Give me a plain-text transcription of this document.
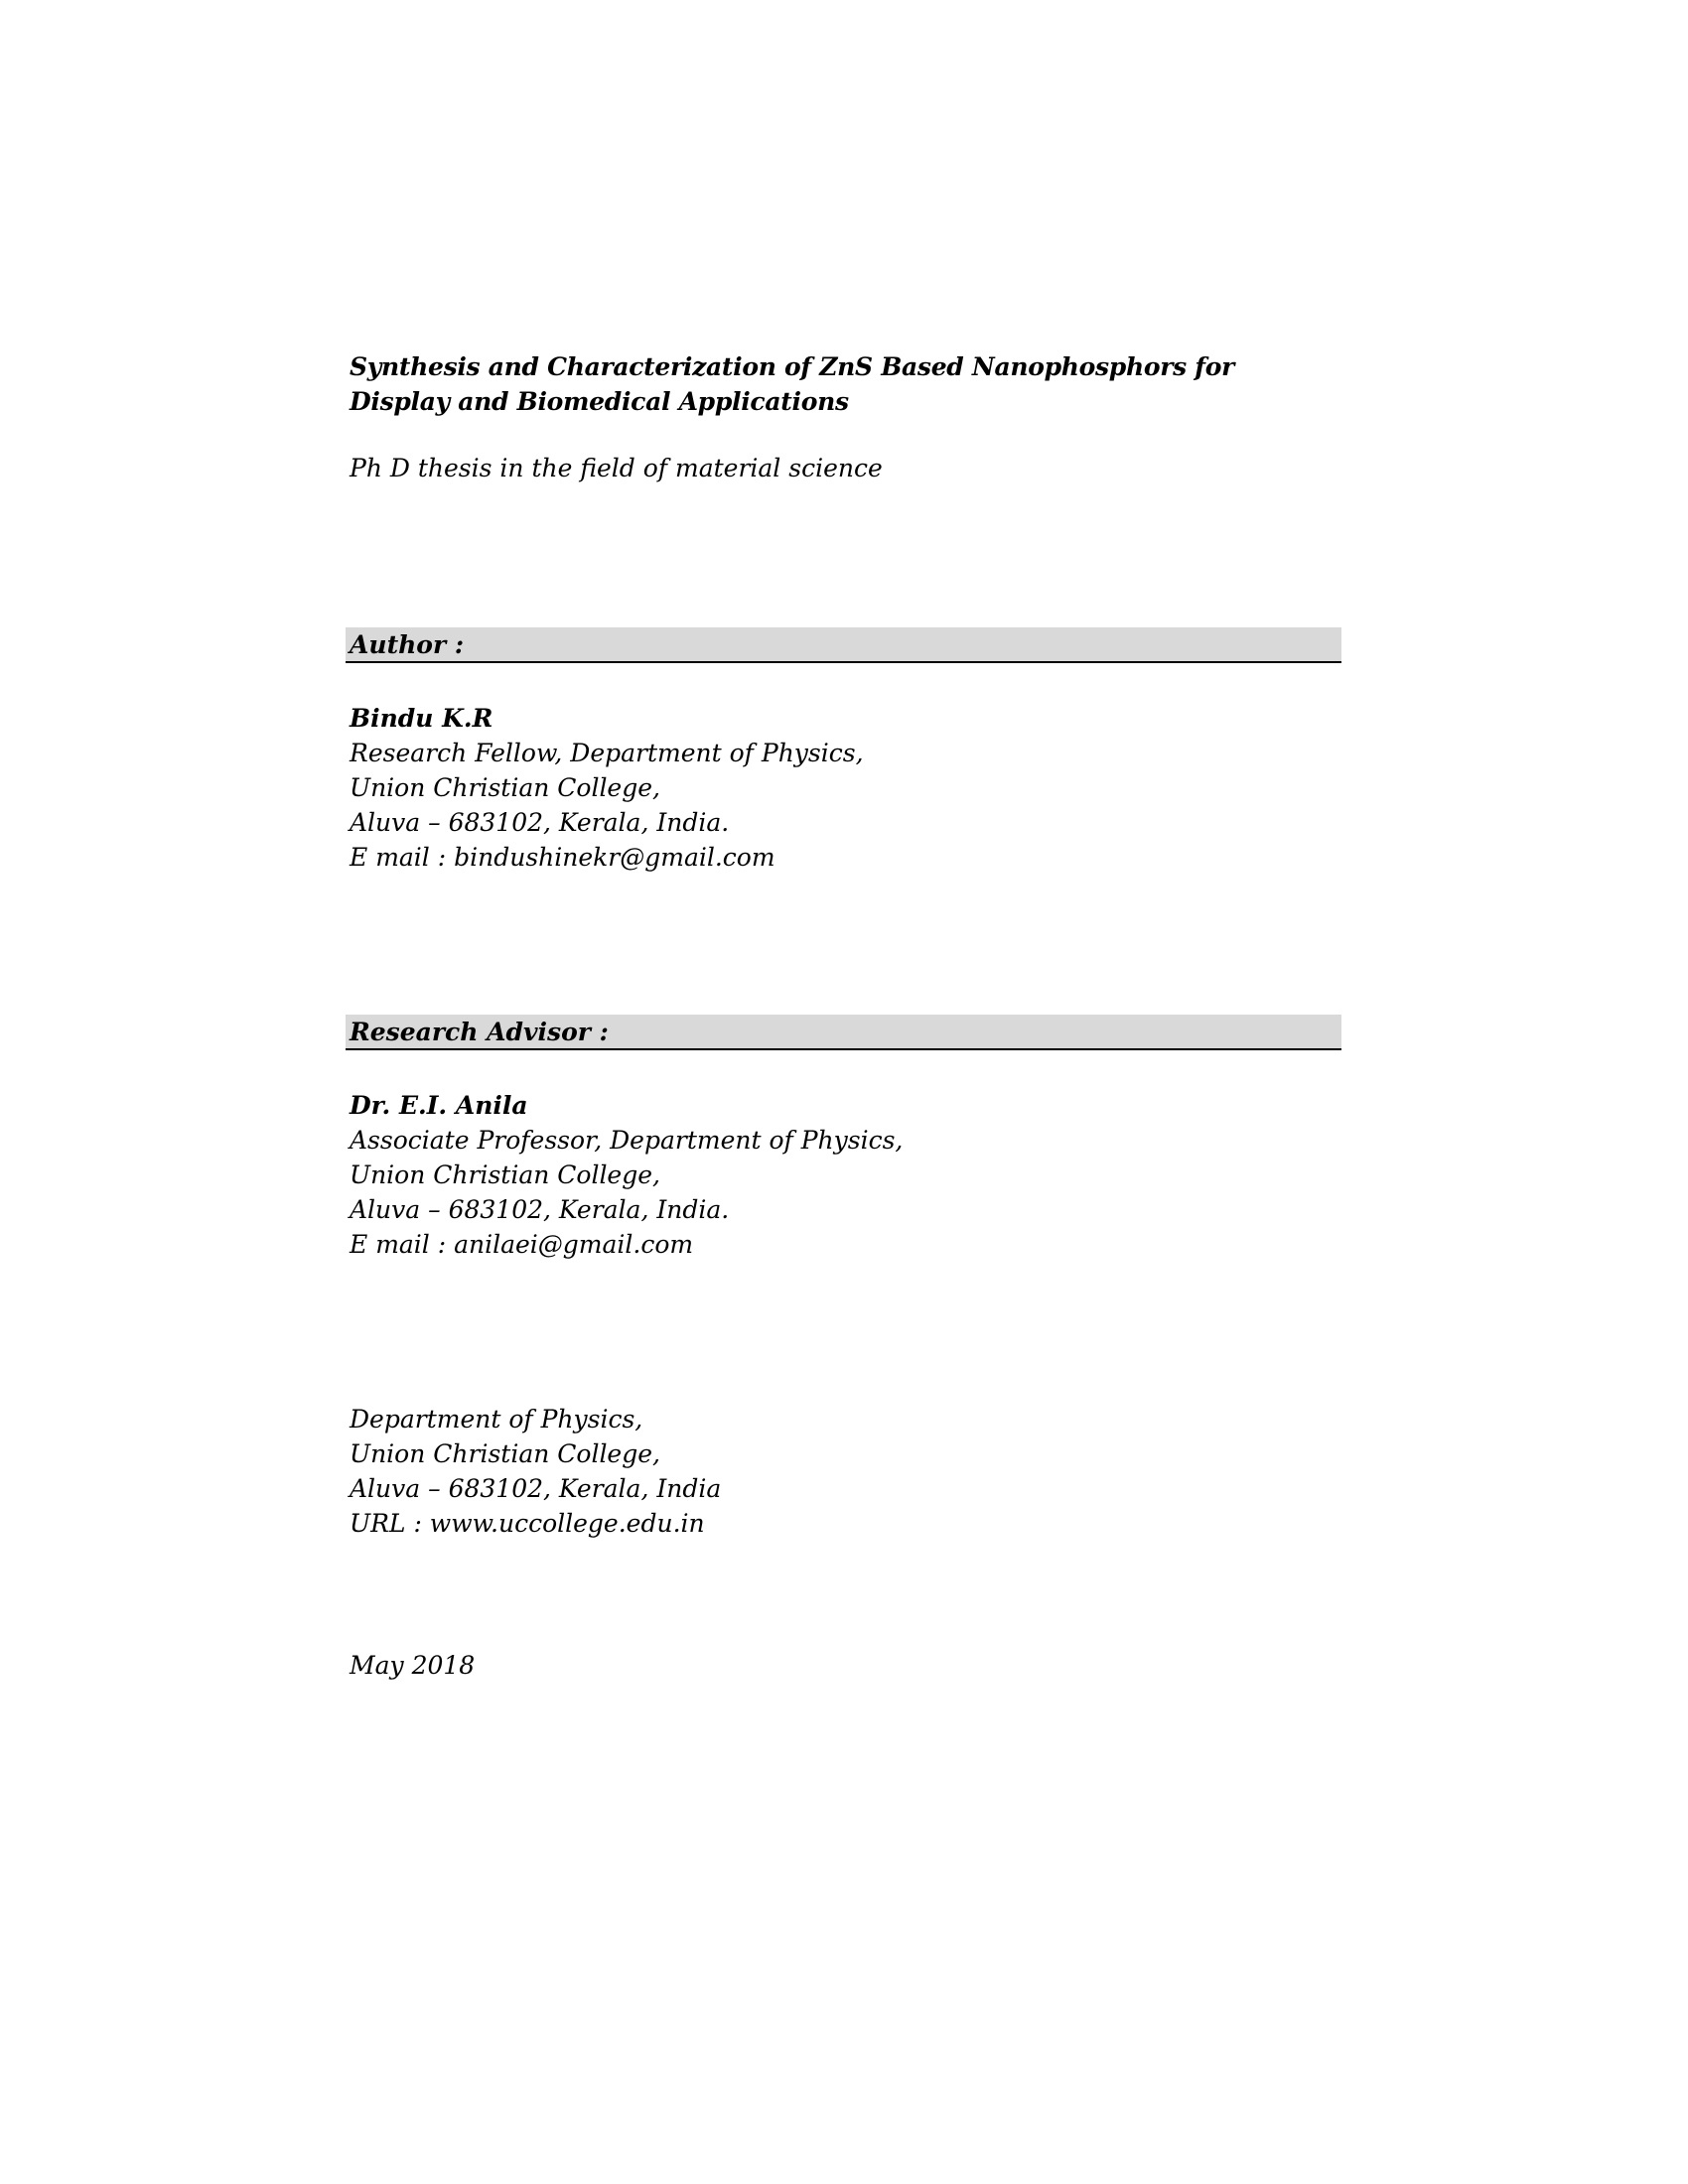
Synthesis and Characterization of ZnS Based Nanophosphors for Display and Biomedical Applications

Ph D thesis in the field of material science
Author :
Bindu K.R
Research Fellow, Department of Physics,
Union Christian College,
Aluva – 683102, Kerala, India.
E mail : bindushinekr@gmail.com
Research Advisor :
Dr. E.I. Anila
Associate Professor, Department of Physics,
Union Christian College,
Aluva – 683102, Kerala, India.
E mail : anilaei@gmail.com
Department of Physics,
Union Christian College,
Aluva – 683102, Kerala, India
URL : www.uccollege.edu.in
May 2018
